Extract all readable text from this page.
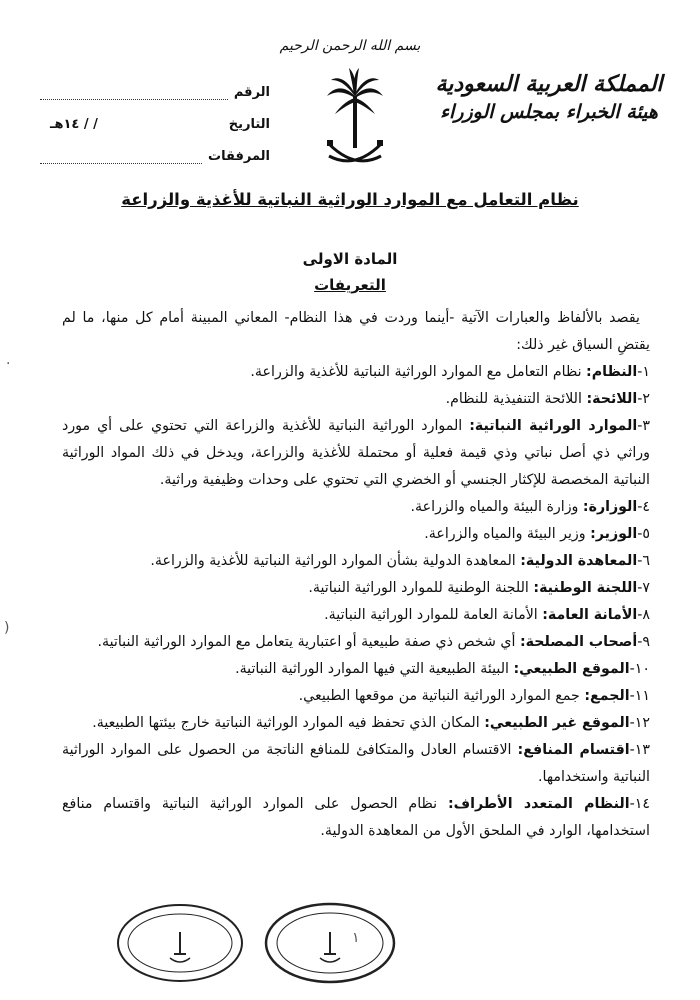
بسم الله الرحمن الرحيم
المملكة العربية السعودية
هيئة الخبراء بمجلس الوزراء
الرقم
التاريخ
/ / ١٤هـ
المرفقات
نظام التعامل مع الموارد الوراثية النباتية للأغذية والزراعة
المادة الاولى
التعريفات

يقصد بالألفاظ والعبارات الآتية -أينما وردت في هذا النظام- المعاني المبينة أمام كل منها، ما لم يقتضِ السياق غير ذلك:

١-النظام: نظام التعامل مع الموارد الوراثية النباتية للأغذية والزراعة.

٢-اللائحة: اللائحة التنفيذية للنظام.

٣-الموارد الوراثية النباتية: الموارد الوراثية النباتية للأغذية والزراعة التي تحتوي على أي مورد وراثي ذي أصل نباتي وذي قيمة فعلية أو محتملة للأغذية والزراعة، ويدخل في ذلك المواد الوراثية النباتية المخصصة للإكثار الجنسي أو الخضري التي تحتوي على وحدات وظيفية وراثية.

٤-الوزارة: وزارة البيئة والمياه والزراعة.

٥-الوزير: وزير البيئة والمياه والزراعة.

٦-المعاهدة الدولية: المعاهدة الدولية بشأن الموارد الوراثية النباتية للأغذية والزراعة.

٧-اللجنة الوطنية: اللجنة الوطنية للموارد الوراثية النباتية.

٨-الأمانة العامة: الأمانة العامة للموارد الوراثية النباتية.

٩-أصحاب المصلحة: أي شخص ذي صفة طبيعية أو اعتبارية يتعامل مع الموارد الوراثية النباتية.

١٠-الموقع الطبيعي: البيئة الطبيعية التي فيها الموارد الوراثية النباتية.

١١-الجمع: جمع الموارد الوراثية النباتية من موقعها الطبيعي.

١٢-الموقع غير الطبيعي: المكان الذي تحفظ فيه الموارد الوراثية النباتية خارج بيئتها الطبيعية.

١٣-اقتسام المنافع: الاقتسام العادل والمتكافئ للمنافع الناتجة من الحصول على الموارد الوراثية النباتية واستخدامها.

١٤-النظام المتعدد الأطراف: نظام الحصول على الموارد الوراثية النباتية واقتسام منافع استخدامها، الوارد في الملحق الأول من المعاهدة الدولية.

·
(
١
